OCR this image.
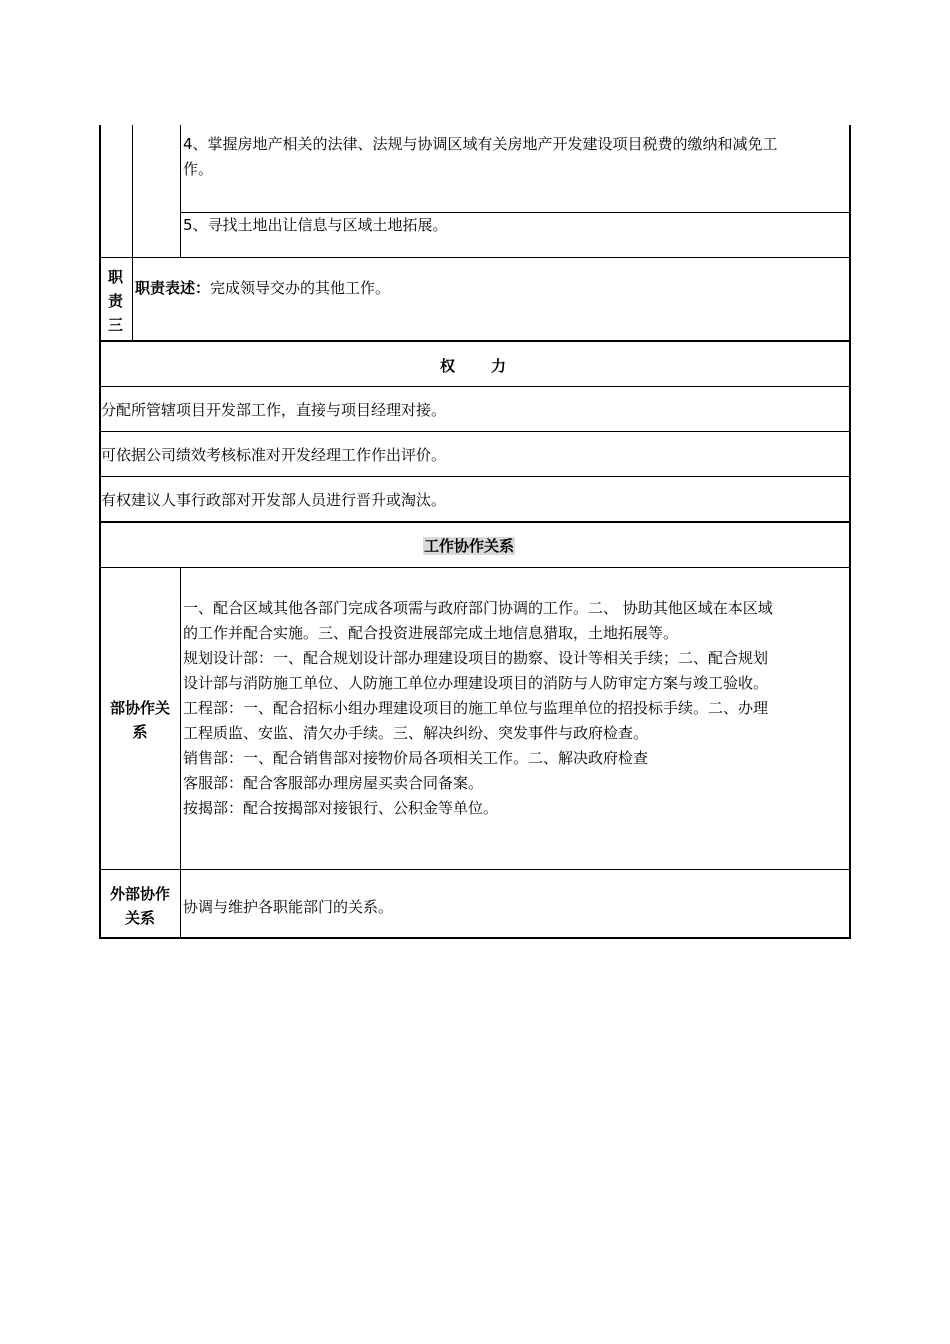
4、掌握房地产相关的法律、法规与协调区域有关房地产开发建设项目税费的缴纳和减免工
作。
5、寻找土地出让信息与区域土地拓展。
职
责
三
职责表述：完成领导交办的其他工作。
权 力
分配所管辖项目开发部工作，直接与项目经理对接。
可依据公司绩效考核标准对开发经理工作作出评价。
有权建议人事行政部对开发部人员进行晋升或淘汰。
工作协作关系
部协作关
系
一、配合区域其他各部门完成各项需与政府部门协调的工作。二、 协助其他区域在本区域
的工作并配合实施。三、配合投资进展部完成土地信息猎取，土地拓展等。
规划设计部：一、配合规划设计部办理建设项目的勘察、设计等相关手续；二、配合规划
设计部与消防施工单位、人防施工单位办理建设项目的消防与人防审定方案与竣工验收。
工程部：一、配合招标小组办理建设项目的施工单位与监理单位的招投标手续。二、办理
工程质监、安监、清欠办手续。三、解决纠纷、突发事件与政府检查。
销售部：一、配合销售部对接物价局各项相关工作。二、解决政府检查
客服部：配合客服部办理房屋买卖合同备案。
按揭部：配合按揭部对接银行、公积金等单位。
外部协作
关系
协调与维护各职能部门的关系。
